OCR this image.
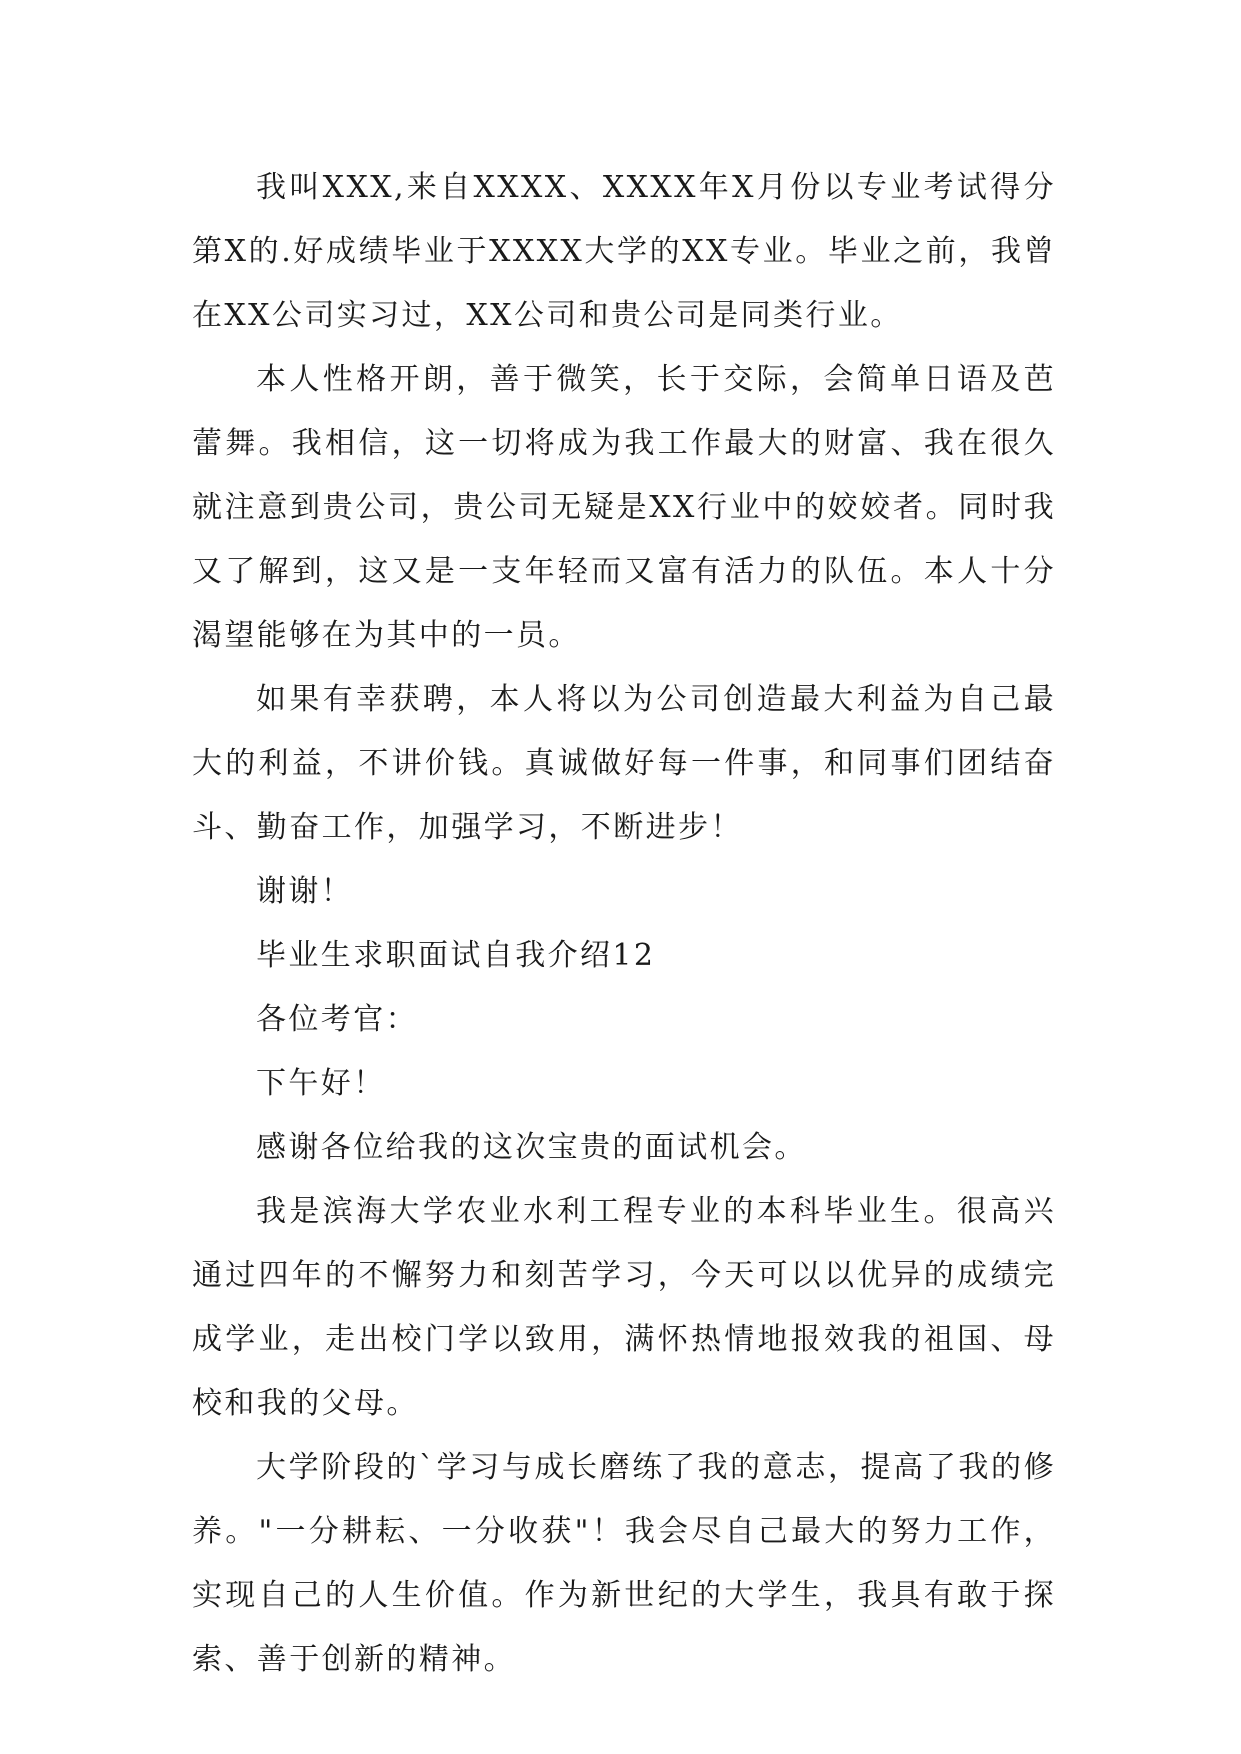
我叫XXX,来自XXXX、XXXX年X月份以专业考试得分第X的.好成绩毕业于XXXX大学的XX专业。毕业之前，我曾在XX公司实习过，XX公司和贵公司是同类行业。

本人性格开朗，善于微笑，长于交际，会简单日语及芭蕾舞。我相信，这一切将成为我工作最大的财富、我在很久就注意到贵公司，贵公司无疑是XX行业中的姣姣者。同时我又了解到，这又是一支年轻而又富有活力的队伍。本人十分渴望能够在为其中的一员。

如果有幸获聘，本人将以为公司创造最大利益为自己最大的利益，不讲价钱。真诚做好每一件事，和同事们团结奋斗、勤奋工作，加强学习，不断进步！

谢谢！

毕业生求职面试自我介绍12

各位考官：

下午好！

感谢各位给我的这次宝贵的面试机会。

我是滨海大学农业水利工程专业的本科毕业生。很高兴通过四年的不懈努力和刻苦学习，今天可以以优异的成绩完成学业，走出校门学以致用，满怀热情地报效我的祖国、母校和我的父母。

大学阶段的`学习与成长磨练了我的意志，提高了我的修养。"一分耕耘、一分收获"！我会尽自己最大的努力工作，实现自己的人生价值。作为新世纪的大学生，我具有敢于探索、善于创新的精神。
